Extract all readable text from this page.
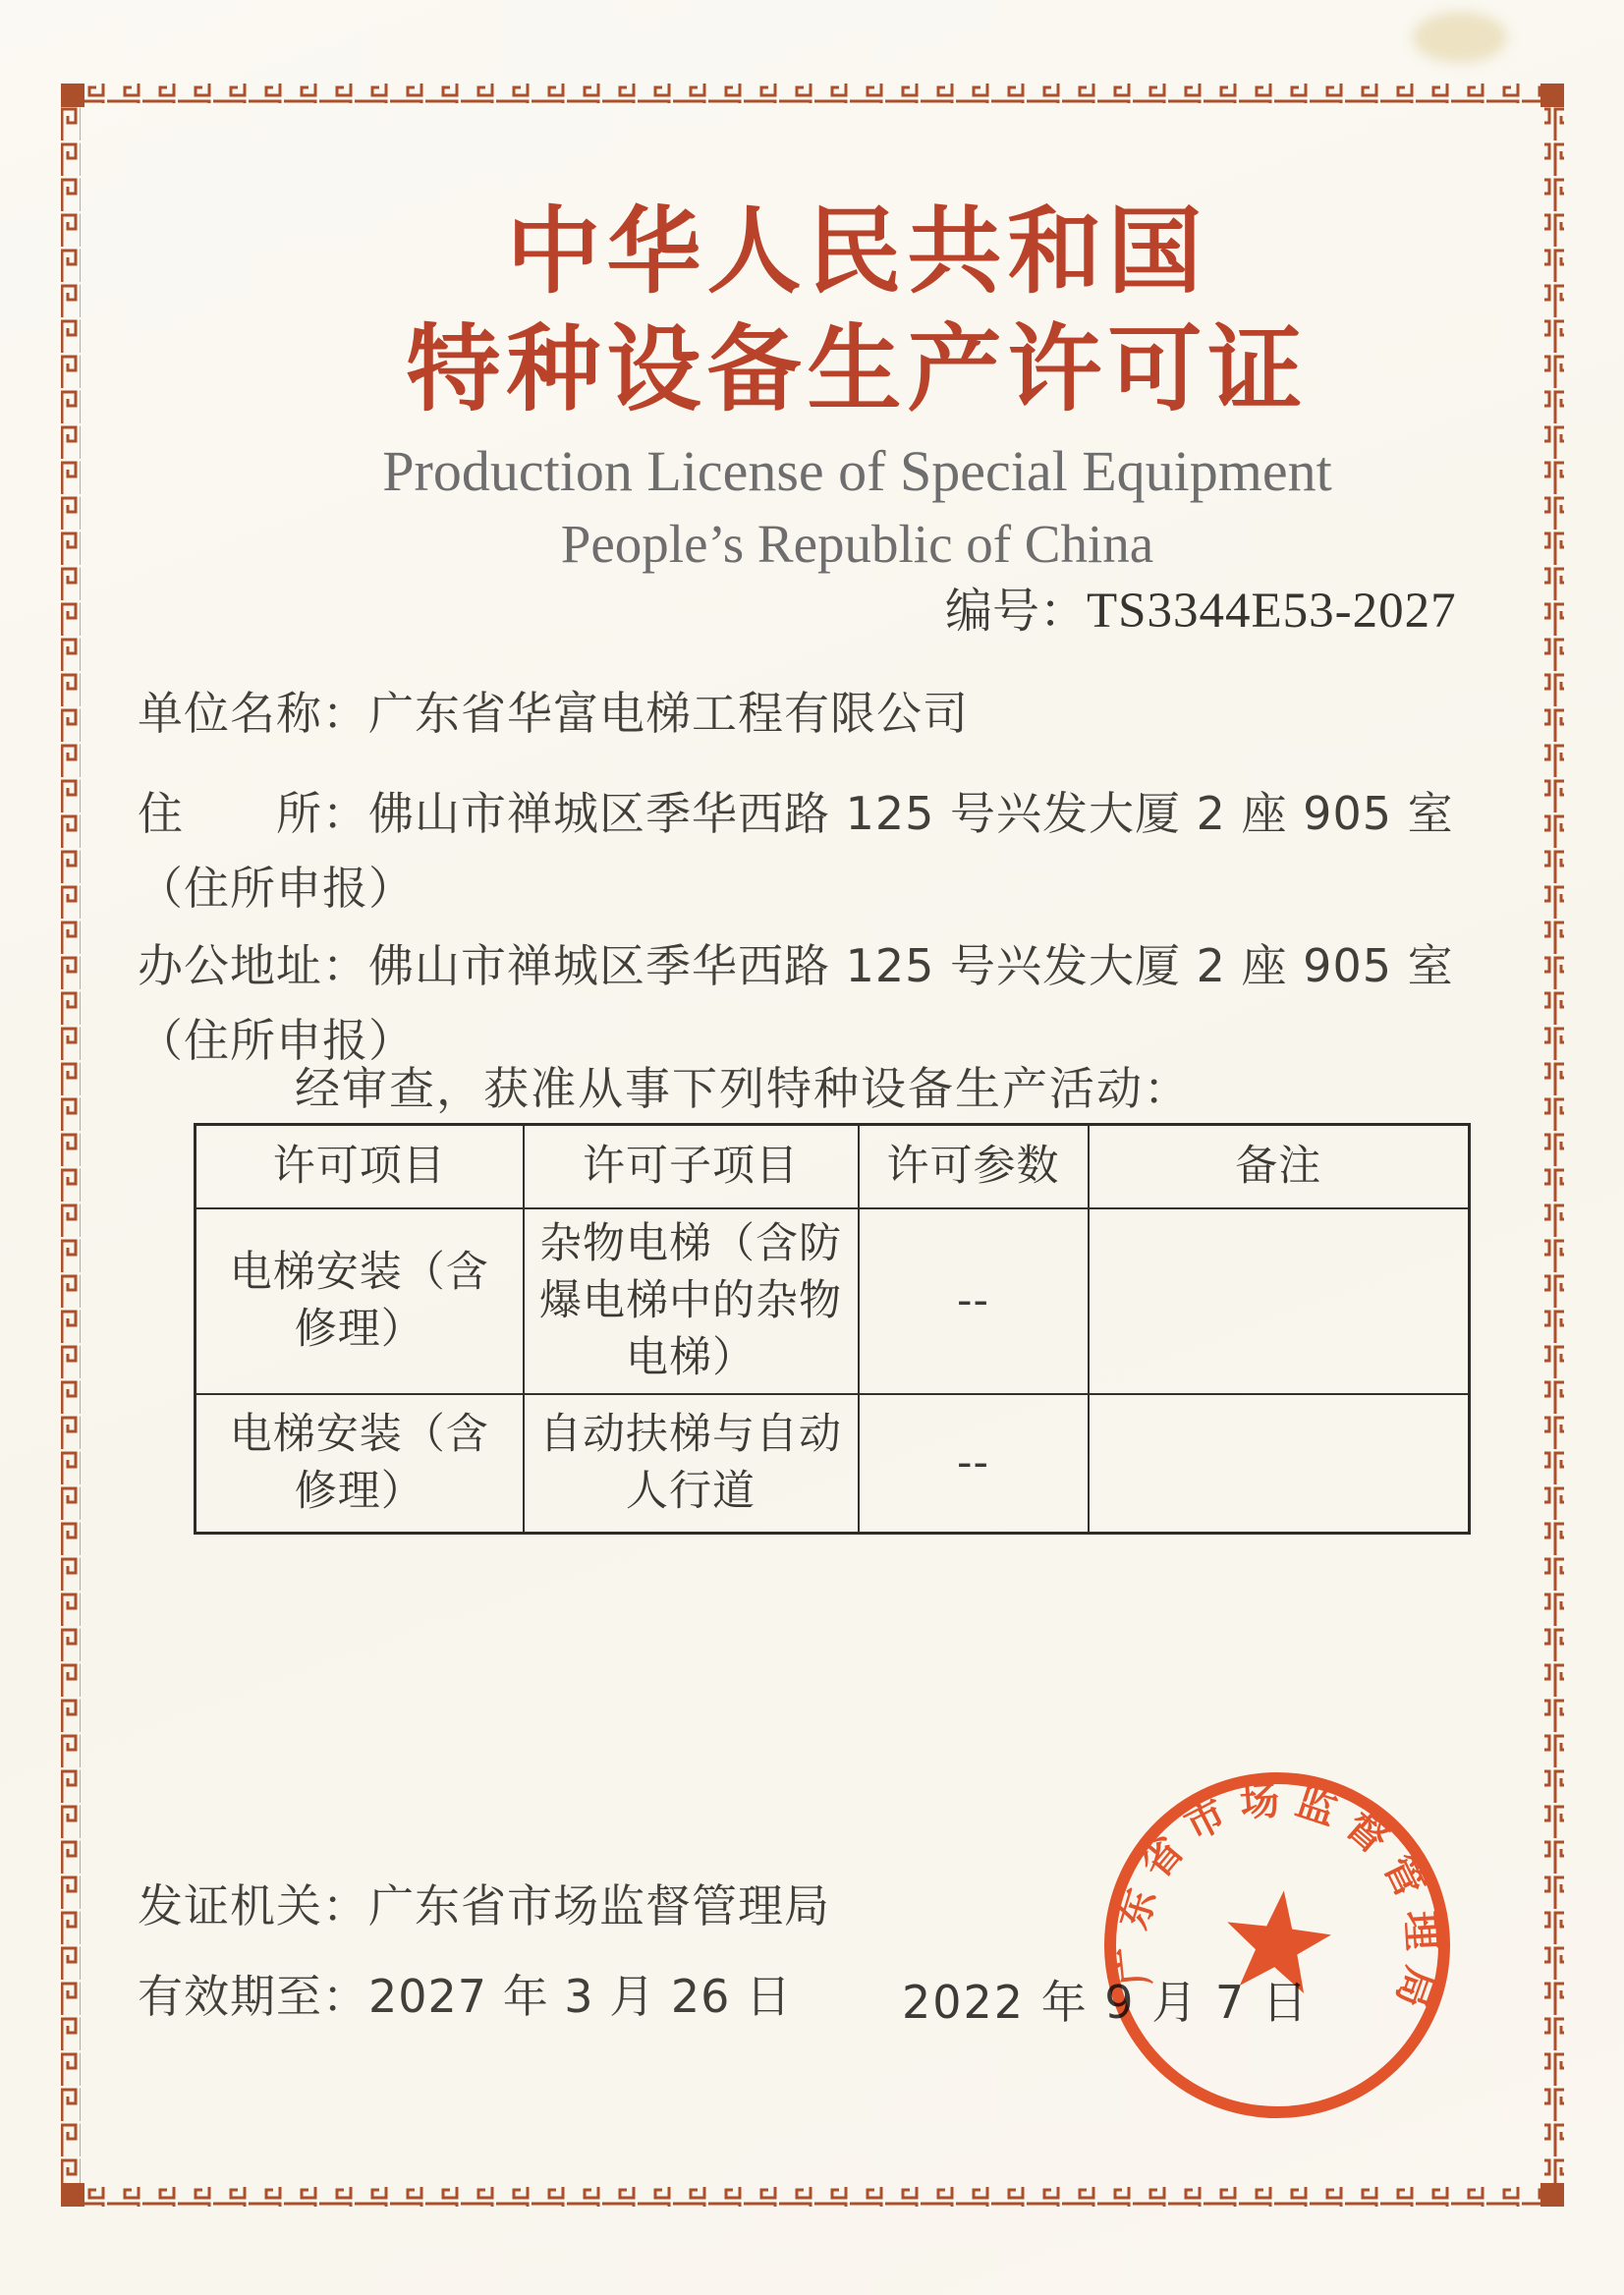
中华人民共和国
特种设备生产许可证
Production License of Special Equipment
People’s Republic of China
编号：TS3344E53-2027
单位名称：广东省华富电梯工程有限公司
住　　所：佛山市禅城区季华西路 125 号兴发大厦 2 座 905 室（住所申报）
办公地址：佛山市禅城区季华西路 125 号兴发大厦 2 座 905 室（住所申报）
经审查，获准从事下列特种设备生产活动：
许可项目	许可子项目	许可参数	备注
电梯安装（含修理）	杂物电梯（含防爆电梯中的杂物电梯）	--	
电梯安装（含修理）	自动扶梯与自动人行道	--	
发证机关：广东省市场监督管理局
有效期至：2027 年 3 月 26 日 2022 年 9 月 7 日
广东省市场监督管理局
